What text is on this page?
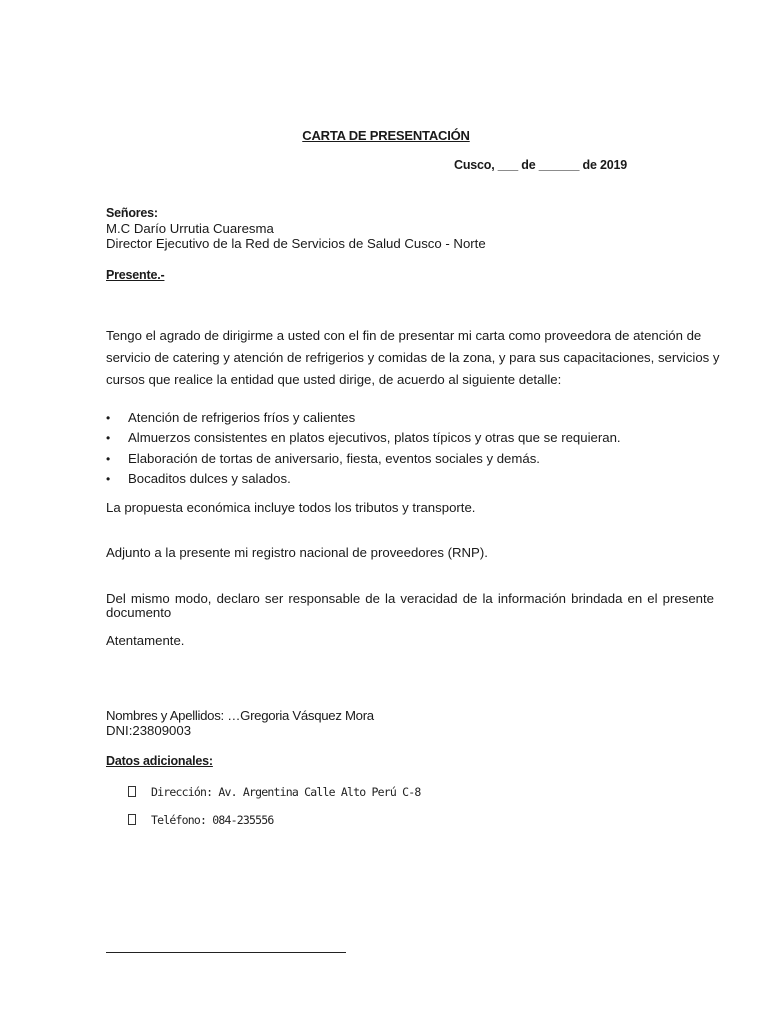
CARTA DE PRESENTACIÓN
Cusco, ___ de ______ de 2019
Señores:
M.C Darío Urrutia Cuaresma
Director Ejecutivo de la Red de Servicios de Salud Cusco - Norte
Presente.-
Tengo el agrado de dirigirme a usted con el fin de presentar mi carta como proveedora de atención de servicio de catering y atención de refrigerios y comidas de la zona, y para sus capacitaciones, servicios y cursos que realice la entidad que usted dirige, de acuerdo al siguiente detalle:
• Atención de refrigerios fríos y calientes
• Almuerzos consistentes en platos ejecutivos, platos típicos y otras que se requieran.
• Elaboración de tortas de aniversario, fiesta, eventos sociales y demás.
• Bocaditos dulces y salados.
La propuesta económica incluye todos los tributos y transporte.
Adjunto a la presente mi registro nacional de proveedores (RNP).
Del mismo modo, declaro ser responsable de la veracidad de la información brindada en el presente documento
Atentamente.
Nombres y Apellidos: …Gregoria Vásquez Mora
DNI:23809003
Datos adicionales:
Dirección: Av. Argentina Calle Alto Perú C-8
Teléfono: 084-235556
